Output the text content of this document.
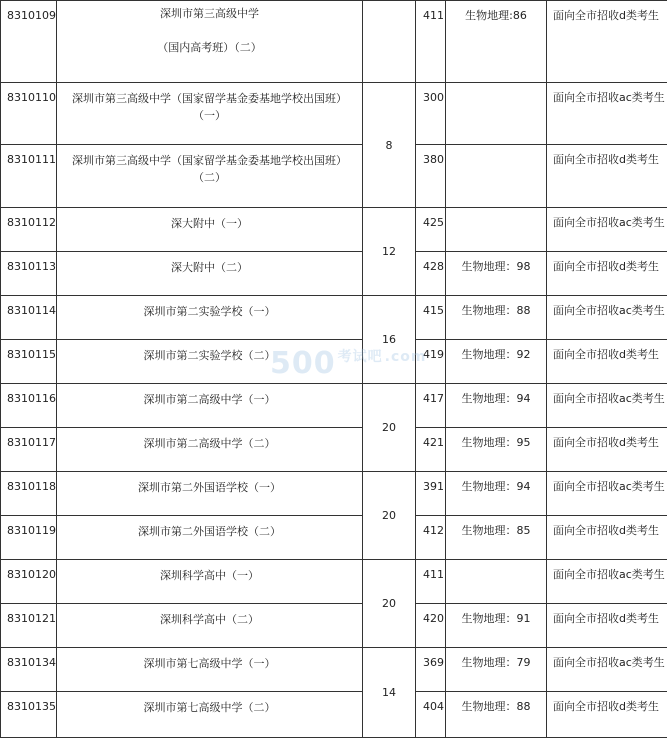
8310109	深圳市第三高级中学

（国内高考班）（二）		411	生物地理:86	面向全市招收d类考生
8310110	深圳市第三高级中学（国家留学基金委基地学校出国班）
（一）	8	300		面向全市招收ac类考生
8310111	深圳市第三高级中学（国家留学基金委基地学校出国班）
（二）		380		面向全市招收d类考生
8310112	深大附中（一）	12	425		面向全市招收ac类考生
8310113	深大附中（二）		428	生物地理：98	面向全市招收d类考生
8310114	深圳市第二实验学校（一）	16	415	生物地理：88	面向全市招收ac类考生
8310115	深圳市第二实验学校（二）		419	生物地理：92	面向全市招收d类考生
8310116	深圳市第二高级中学（一）	20	417	生物地理：94	面向全市招收ac类考生
8310117	深圳市第二高级中学（二）		421	生物地理：95	面向全市招收d类考生
8310118	深圳市第二外国语学校（一）	20	391	生物地理：94	面向全市招收ac类考生
8310119	深圳市第二外国语学校（二）		412	生物地理：85	面向全市招收d类考生
8310120	深圳科学高中（一）	20	411		面向全市招收ac类考生
8310121	深圳科学高中（二）		420	生物地理：91	面向全市招收d类考生
8310134	深圳市第七高级中学（一）	14	369	生物地理：79	面向全市招收ac类考生
8310135	深圳市第七高级中学（二）		404	生物地理：88	面向全市招收d类考生
500 $^{考试吧}$ $^{.com}$
